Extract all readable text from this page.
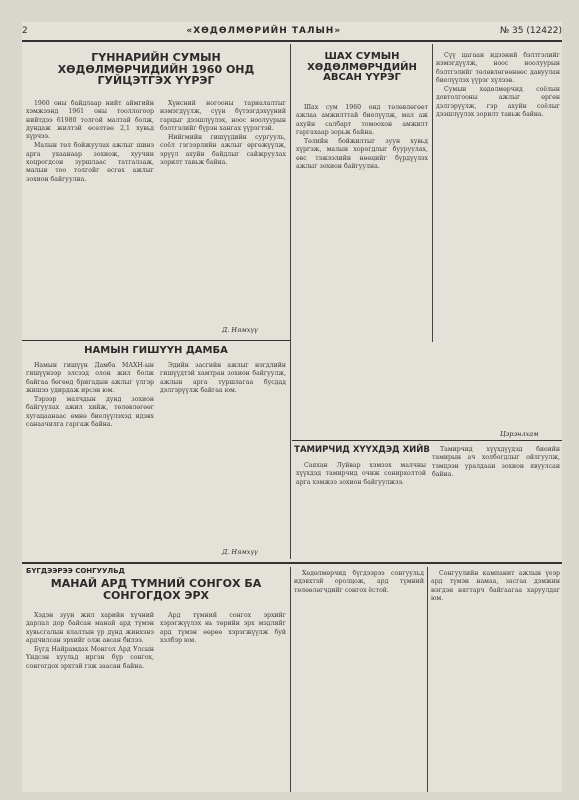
2	«ХӨДӨЛМӨРИЙН ТАЛЫН»	№ 35 (12422)
ГҮННАРИЙН СУМЫН
ХӨДӨЛМӨРЧИДИЙН 1960 ОНД
ГУЙЦЭТГЭХ ҮҮРЭГ

1960 оны байдлаар нийт аймгийн хэмжээнд 1961 оны тооллогоор нийтдээ 61980 толгой малтай болж, дундаж жилтэй өсөлтөө 2,1 хувьд хүрчээ.

Малын төл бойжуулах ажлыг шинэ арга ухаанаар зохиож, хуучин хоцрогдсон зуршлаас татгалзаж, малын тоо толгойг өсгөх ажлыг зохион байгуулна.

Хүнсний ногооны тариалалтыг нэмэгдүүлж, сүүн бүтээгдэхүүний гарцыг дээшлүүлэх, ноос ноолуурын бэлтгэлийг бүрэн хангах үүрэгтэй.

Нийгмийн гишүүдийн сургууль, соёл гэгээрлийн ажлыг өргөжүүлж, эрүүл ахуйн байдлыг сайжруулах зорилт тавьж байна.

Д. Нямхүү
НАМЫН ГИШҮҮН ДАМБА

Намын гишүүн Дамба МАХН-ын гишүүнээр элсээд олон жил болж байгаа бөгөөд бригадын ажлыг үлгэр жишээ удирдаж ирсэн юм.

Тэрээр малчдын дунд зохион байгуулах ажил хийж, төлөвлөгөөг хугацаанаас өмнө биелүүлэхэд идэвх санаачилга гаргаж байна.

Эдийн засгийн ажлыг нэгдлийн гишүүдтэй хамтран зохион байгуулж, ажлын арга туршлагаа бусдад дэлгэрүүлж байгаа юм.

Д. Нямхүү
ШАХ СУМЫН ХӨДӨЛМӨРЧДИЙН
АВСАН ҮҮРЭГ

Шах сум 1960 онд төлөвлөгөөт ажлаа амжилттай биелүүлж, мал аж ахуйн салбарт томоохон амжилт гаргахаар зорьж байна.

Төлийн бойжилтыг зуун хувьд хүргэж, малын хорогдлыг бууруулах, өвс тэжээлийн нөөцийг бүрдүүлэх ажлыг зохион байгуулна.

Сүү цагаан идээний бэлтгэлийг нэмэгдүүлж, ноос ноолуурын бэлтгэлийг төлөвлөгөөнөөс давуулан биелүүлэх үүрэг хүлээв.

Сумын хөдөлмөрчид соёлын довтолгооны ажлыг өргөн дэлгэрүүлж, гэр ахуйн соёлыг дээшлүүлэх зорилт тавьж байна.

Цэрэнлхам
ТАМИРЧИД ХҮҮХДЭД ХИЙВ

Саяхан Луйвар хэмээх малчны хүүхдэд тамирчид очиж сонирхолтой арга хэмжээ зохион байгуулжээ.

Тамирчид хүүхдүүдэд биеийн тамирын ач холбогдлыг ойлгуулж, тэмцээн уралдаан зохион явуулсан байна.

БҮГДЭЭРЭЭ СОНГУУЛЬД
МАНАЙ АРД ТҮМНИЙ СОНГОХ БА
СОНГОГДОХ ЭРХ

Хэдэн зуун жил харийн хүчний дарлал дор байсан манай ард түмэн хувьсгалын ялалтын үр дүнд жинхэнэ ардчилсан эрхийг олж авсан билээ.

Бүгд Найрамдах Монгол Ард Улсын Үндсэн хуульд иргэн бүр сонгох, сонгогдох эрхтэй гэж заасан байна.

Ард түмний сонгох эрхийг хэрэгжүүлэх нь төрийн эрх мэдлийг ард түмэн өөрөө хэрэгжүүлж буй хэлбэр юм.

Хөдөлмөрчид бүгдээрээ сонгуульд идэвхтэй оролцож, ард түмний төлөөлөгчдийг сонгох ёстой.

Сонгуулийн кампанит ажлын үеэр ард түмэн намаа, засгаа дэмжин нэгдэн нягтарч байгаагаа харуулдаг юм.
